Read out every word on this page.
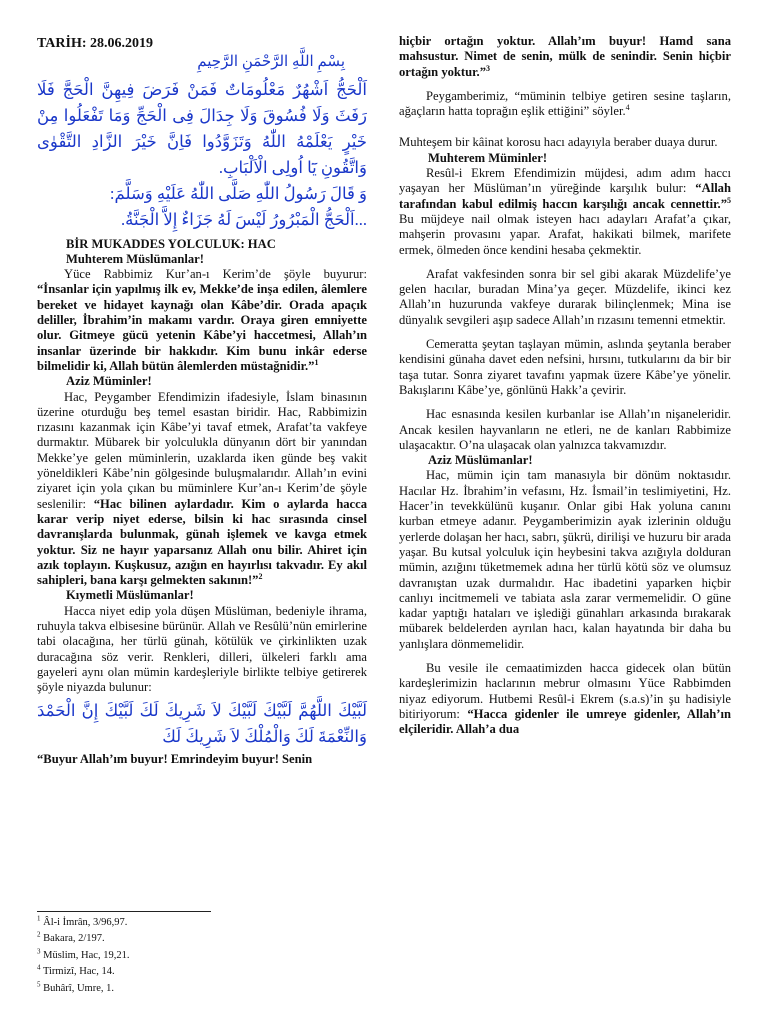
TARİH: 28.06.2019

بِسْمِ اللَّهِ الرَّحْمَنِ الرَّحِيمِ

اَلْحَجُّ اَشْهُرٌ مَعْلُومَاتٌ فَمَنْ فَرَضَ فِيهِنَّ الْحَجَّ فَلَا رَفَثَ وَلَا فُسُوقَ وَلَا جِدَالَ فِى الْحَجِّ وَمَا تَفْعَلُوا مِنْ خَيْرٍ يَعْلَمْهُ اللّٰهُ وَتَزَوَّدُوا فَاِنَّ خَيْرَ الزَّادِ التَّقْوٰى وَاتَّقُونِ يَٓا اُولِى الْاَلْبَابِ.

وَ قَالَ رَسُولُ اللّٰهِ صَلَّى اللّٰهُ عَلَيْهِ وَسَلَّمَ:

...اَلْحَجُّ الْمَبْرُورُ لَيْسَ لَهُ جَزَاءٌ إِلاَّ الْجَنَّةُ.

BİR MUKADDES YOLCULUK: HAC

Muhterem Müslümanlar!

Yüce Rabbimiz Kur’an-ı Kerim’de şöyle buyurur: “İnsanlar için yapılmış ilk ev, Mekke’de inşa edilen, âlemlere bereket ve hidayet kaynağı olan Kâbe’dir. Orada apaçık deliller, İbrahim’in makamı vardır. Oraya giren emniyette olur. Gitmeye gücü yetenin Kâbe’yi haccetmesi, Allah’ın insanlar üzerinde bir hakkıdır. Kim bunu inkâr ederse bilmelidir ki, Allah bütün âlemlerden müstağnidir.”$^1$

Aziz Müminler!

Hac, Peygamber Efendimizin ifadesiyle, İslam binasının üzerine oturduğu beş temel esastan biridir. Hac, Rabbimizin rızasını kazanmak için Kâbe’yi tavaf etmek, Arafat’ta vakfeye durmaktır. Mübarek bir yolculukla dünyanın dört bir yanından Mekke’ye gelen müminlerin, uzaklarda iken günde beş vakit yöneldikleri Kâbe’nin gölgesinde buluşmalarıdır. Allah’ın evini ziyaret için yola çıkan bu müminlere Kur’an-ı Kerim’de şöyle seslenilir: “Hac bilinen aylardadır. Kim o aylarda hacca karar verip niyet ederse, bilsin ki hac sırasında cinsel davranışlarda bulunmak, günah işlemek ve kavga etmek yoktur. Siz ne hayır yaparsanız Allah onu bilir. Ahiret için azık toplayın. Kuşkusuz, azığın en hayırlısı takvadır. Ey akıl sahipleri, bana karşı gelmekten sakının!”$^2$

Kıymetli Müslümanlar!

Hacca niyet edip yola düşen Müslüman, bedeniyle ihrama, ruhuyla takva elbisesine bürünür. Allah ve Resûlü’nün emirlerine tabi olacağına, her türlü günah, kötülük ve çirkinlikten uzak duracağına söz verir. Renkleri, dilleri, ülkeleri farklı ama gayeleri aynı olan mümin kardeşleriyle birlikte telbiye getirerek şöyle niyazda bulunur:

لَبَّيْكَ اللَّهُمَّ لَبَّيْكَ لَبَّيْكَ لاَ شَرِيكَ لَكَ لَبَّيْكَ إِنَّ الْحَمْدَ وَالنِّعْمَةَ لَكَ وَالْمُلْكَ لاَ شَرِيكَ لَكَ

“Buyur Allah’ım buyur! Emrindeyim buyur! Senin

hiçbir ortağın yoktur. Allah’ım buyur! Hamd sana mahsustur. Nimet de senin, mülk de senindir. Senin hiçbir ortağın yoktur.”$^3$

Peygamberimiz, “müminin telbiye getiren sesine taşların, ağaçların hatta toprağın eşlik ettiğini” söyler.$^4$

Muhteşem bir kâinat korosu hacı adayıyla beraber duaya durur.

Muhterem Müminler!

Resûl-i Ekrem Efendimizin müjdesi, adım adım haccı yaşayan her Müslüman’ın yüreğinde karşılık bulur: “Allah tarafından kabul edilmiş haccın karşılığı ancak cennettir.”$^5$ Bu müjdeye nail olmak isteyen hacı adayları Arafat’a çıkar, mahşerin provasını yapar. Arafat, hakikati bilmek, marifete ermek, ölmeden önce kendini hesaba çekmektir.

Arafat vakfesinden sonra bir sel gibi akarak Müzdelife’ye gelen hacılar, buradan Mina’ya geçer. Müzdelife, ikinci kez Allah’ın huzurunda vakfeye durarak bilinçlenmek; Mina ise dünyalık sevgileri aşıp sadece Allah’ın rızasını temenni etmektir.

Cemeratta şeytan taşlayan mümin, aslında şeytanla beraber kendisini günaha davet eden nefsini, hırsını, tutkularını da bir bir taşa tutar. Sonra ziyaret tavafını yapmak üzere Kâbe’ye yönelir. Bakışlarını Kâbe’ye, gönlünü Hakk’a çevirir.

Hac esnasında kesilen kurbanlar ise Allah’ın nişaneleridir. Ancak kesilen hayvanların ne etleri, ne de kanları Rabbimize ulaşacaktır. O’na ulaşacak olan yalnızca takvamızdır.

Aziz Müslümanlar!

Hac, mümin için tam manasıyla bir dönüm noktasıdır. Hacılar Hz. İbrahim’in vefasını, Hz. İsmail’in teslimiyetini, Hz. Hacer’in tevekkülünü kuşanır. Onlar gibi Hak yoluna canını kurban etmeye adanır. Peygamberimizin ayak izlerinin olduğu yerlerde dolaşan her hacı, sabrı, şükrü, dirilişi ve huzuru bir arada yaşar. Bu kutsal yolculuk için heybesini takva azığıyla dolduran mümin, azığını tüketmemek adına her türlü kötü söz ve olumsuz davranıştan uzak durmalıdır. Hac ibadetini yaparken hiçbir canlıyı incitmemeli ve tabiata asla zarar vermemelidir. O güne kadar yaptığı hataları ve işlediği günahları arkasında bırakarak mübarek beldelerden ayrılan hacı, kalan hayatında bir daha bu yanlışlara dönmemelidir.

Bu vesile ile cemaatimizden hacca gidecek olan bütün kardeşlerimizin haclarının mebrur olmasını Yüce Rabbimden niyaz ediyorum. Hutbemi Resûl-i Ekrem (s.a.s)’in şu hadisiyle bitiriyorum: “Hacca gidenler ile umreye gidenler, Allah’ın elçileridir. Allah’a dua

$^1$ Âl-i İmrân, 3/96,97.

$^2$ Bakara, 2/197.

$^3$ Müslim, Hac, 19,21.

$^4$ Tirmizî, Hac, 14.

$^5$ Buhârî, Umre, 1.
